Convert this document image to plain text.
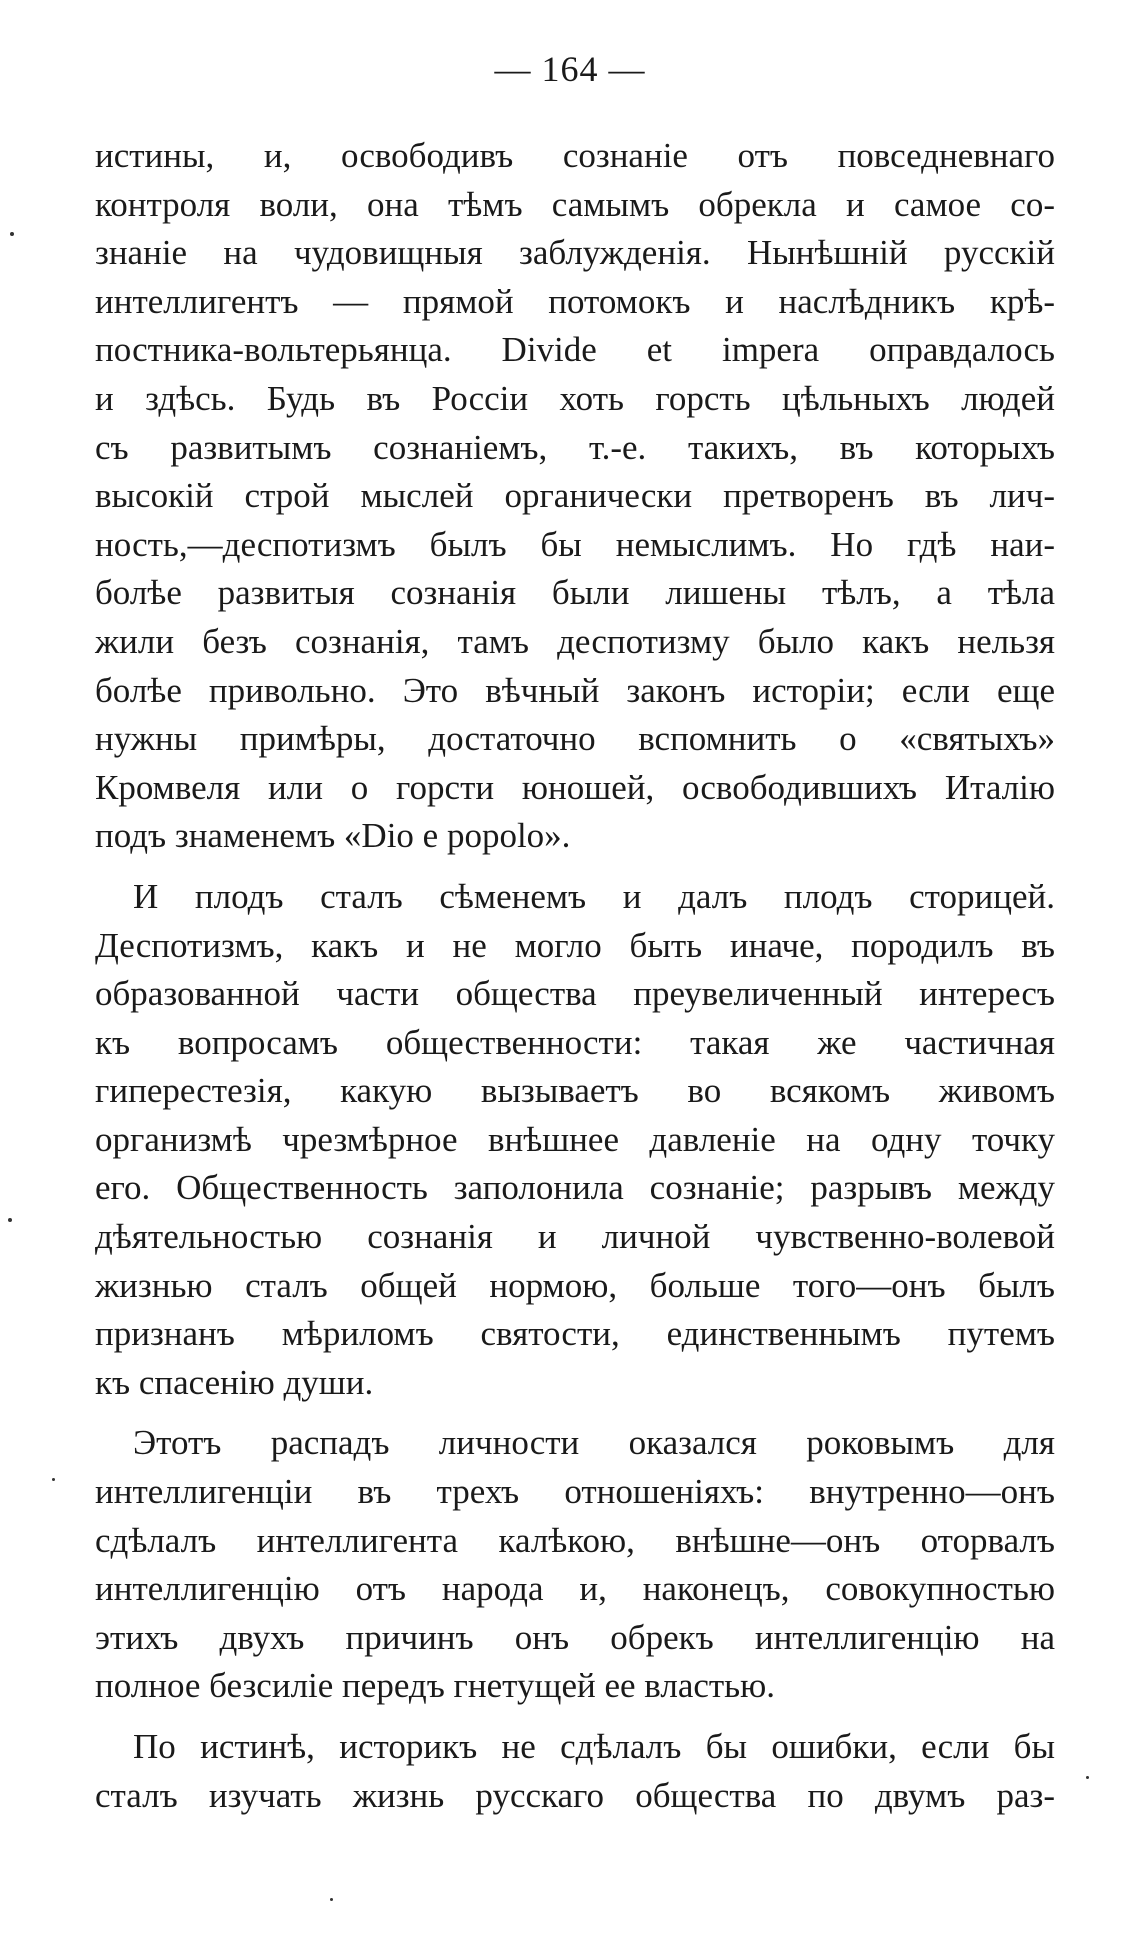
— 164 —
истины, и, освободивъ сознаніе отъ повседневнаго
контроля воли, она тѣмъ самымъ обрекла и самое со-
знаніе на чудовищныя заблужденія. Нынѣшній русскій
интеллигентъ — прямой потомокъ и наслѣдникъ крѣ-
постника-вольтерьянца. Divide et impera оправдалось
и здѣсь. Будь въ Россіи хоть горсть цѣльныхъ людей
съ развитымъ сознаніемъ, т.-е. такихъ, въ которыхъ
высокій строй мыслей органически претворенъ въ лич-
ность,—деспотизмъ былъ бы немыслимъ. Но гдѣ наи-
болѣе развитыя сознанія были лишены тѣлъ, а тѣла
жили безъ сознанія, тамъ деспотизму было какъ нельзя
болѣе привольно. Это вѣчный законъ исторіи; если еще
нужны примѣры, достаточно вспомнить о «святыхъ»
Кромвеля или о горсти юношей, освободившихъ Италію
подъ знаменемъ «Dio e popolo».
И плодъ сталъ сѣменемъ и далъ плодъ сторицей.
Деспотизмъ, какъ и не могло быть иначе, породилъ въ
образованной части общества преувеличенный интересъ
къ вопросамъ общественности: такая же частичная
гиперестезія, какую вызываетъ во всякомъ живомъ
организмѣ чрезмѣрное внѣшнее давленіе на одну точку
его. Общественность заполонила сознаніе; разрывъ между
дѣятельностью сознанія и личной чувственно-волевой
жизнью сталъ общей нормою, больше того—онъ былъ
признанъ мѣриломъ святости, единственнымъ путемъ
къ спасенію души.
Этотъ распадъ личности оказался роковымъ для
интеллигенціи въ трехъ отношеніяхъ: внутренно—онъ
сдѣлалъ интеллигента калѣкою, внѣшне—онъ оторвалъ
интеллигенцію отъ народа и, наконецъ, совокупностью
этихъ двухъ причинъ онъ обрекъ интеллигенцію на
полное безсиліе передъ гнетущей ее властью.
По истинѣ, историкъ не сдѣлалъ бы ошибки, если бы
сталъ изучать жизнь русскаго общества по двумъ раз-
